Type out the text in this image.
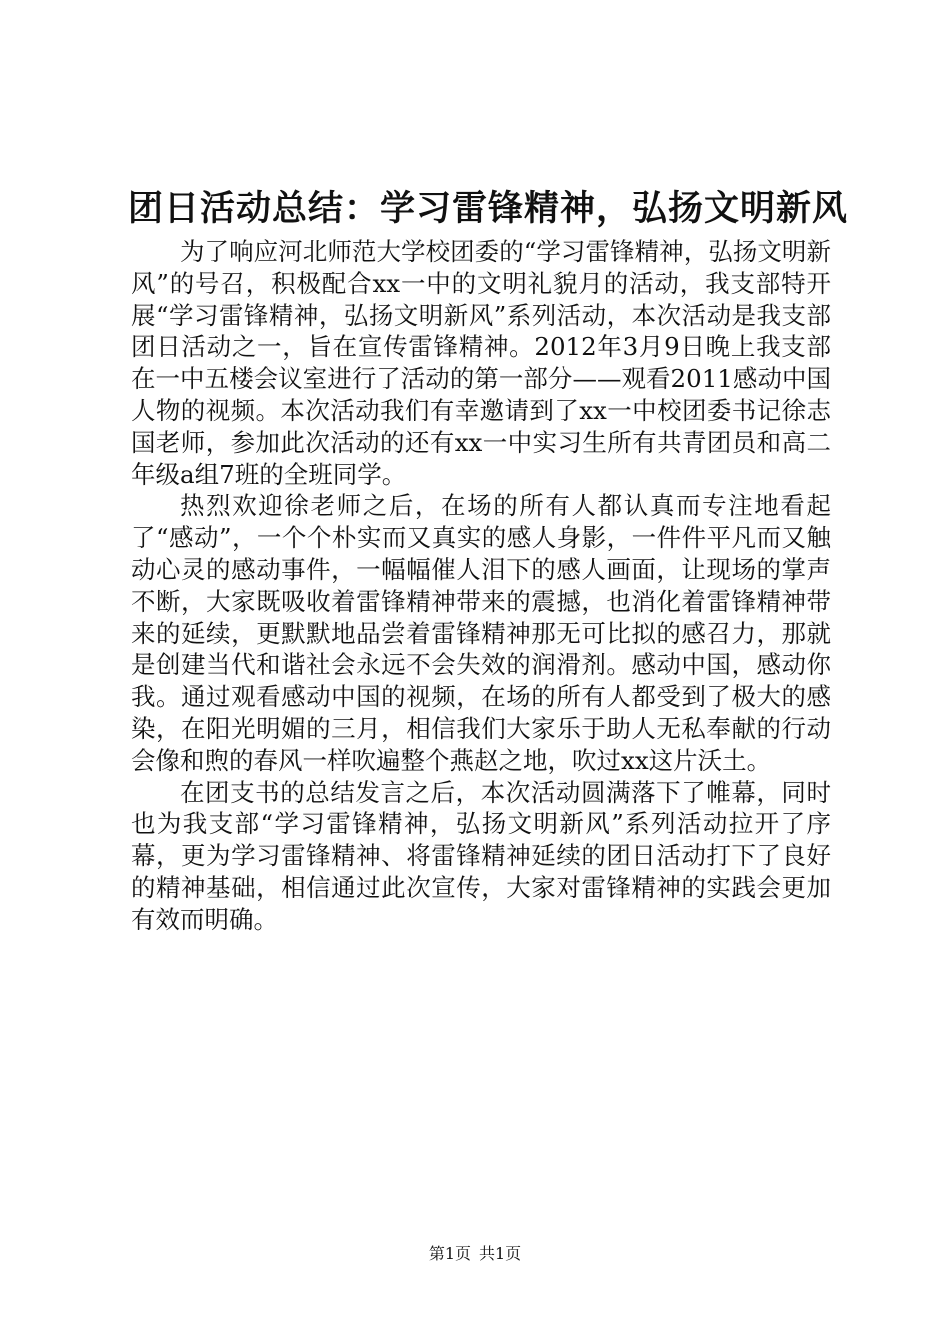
团日活动总结：学习雷锋精神，弘扬文明新风

为了响应河北师范大学校团委的“学习雷锋精神，弘扬文明新风”的号召，积极配合xx一中的文明礼貌月的活动，我支部特开展“学习雷锋精神，弘扬文明新风”系列活动，本次活动是我支部团日活动之一，旨在宣传雷锋精神。2012年3月9日晚上我支部在一中五楼会议室进行了活动的第一部分——观看2011感动中国人物的视频。本次活动我们有幸邀请到了xx一中校团委书记徐志国老师，参加此次活动的还有xx一中实习生所有共青团员和高二年级a组7班的全班同学。

热烈欢迎徐老师之后，在场的所有人都认真而专注地看起了“感动”，一个个朴实而又真实的感人身影，一件件平凡而又触动心灵的感动事件，一幅幅催人泪下的感人画面，让现场的掌声不断，大家既吸收着雷锋精神带来的震撼，也消化着雷锋精神带来的延续，更默默地品尝着雷锋精神那无可比拟的感召力，那就是创建当代和谐社会永远不会失效的润滑剂。感动中国，感动你我。通过观看感动中国的视频，在场的所有人都受到了极大的感染，在阳光明媚的三月，相信我们大家乐于助人无私奉献的行动会像和煦的春风一样吹遍整个燕赵之地，吹过xx这片沃土。

在团支书的总结发言之后，本次活动圆满落下了帷幕，同时也为我支部“学习雷锋精神，弘扬文明新风”系列活动拉开了序幕，更为学习雷锋精神、将雷锋精神延续的团日活动打下了良好的精神基础，相信通过此次宣传，大家对雷锋精神的实践会更加有效而明确。

第1页 共1页
